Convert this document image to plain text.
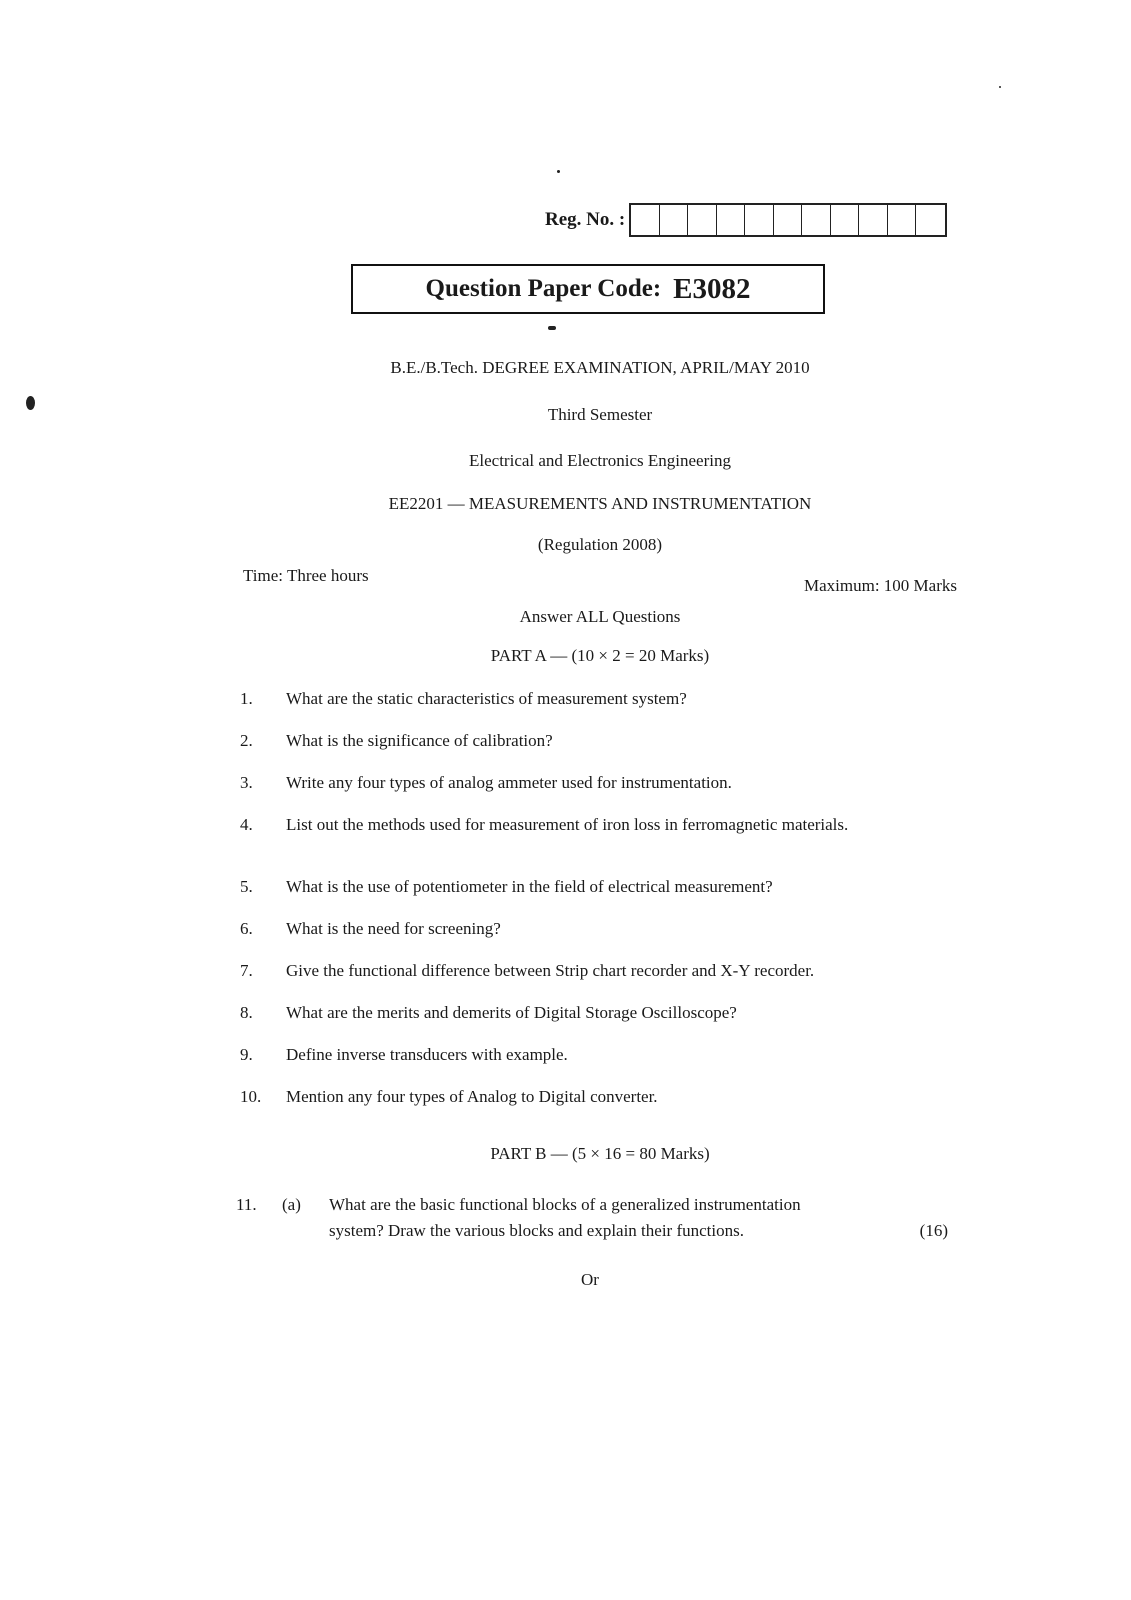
Reg. No. :
Question Paper Code: E3082
B.E./B.Tech. DEGREE EXAMINATION, APRIL/MAY 2010
Third Semester
Electrical and Electronics Engineering
EE2201 — MEASUREMENTS AND INSTRUMENTATION
(Regulation 2008)
Time: Three hours
Maximum: 100 Marks
Answer ALL Questions
PART A — (10 × 2 = 20 Marks)
1. What are the static characteristics of measurement system?
2. What is the significance of calibration?
3. Write any four types of analog ammeter used for instrumentation.
4. List out the methods used for measurement of iron loss in ferromagnetic materials.
5. What is the use of potentiometer in the field of electrical measurement?
6. What is the need for screening?
7. Give the functional difference between Strip chart recorder and X-Y recorder.
8. What are the merits and demerits of Digital Storage Oscilloscope?
9. Define inverse transducers with example.
10. Mention any four types of Analog to Digital converter.
PART B — (5 × 16 = 80 Marks)
11. (a) What are the basic functional blocks of a generalized instrumentation system? Draw the various blocks and explain their functions.	(16)
Or
